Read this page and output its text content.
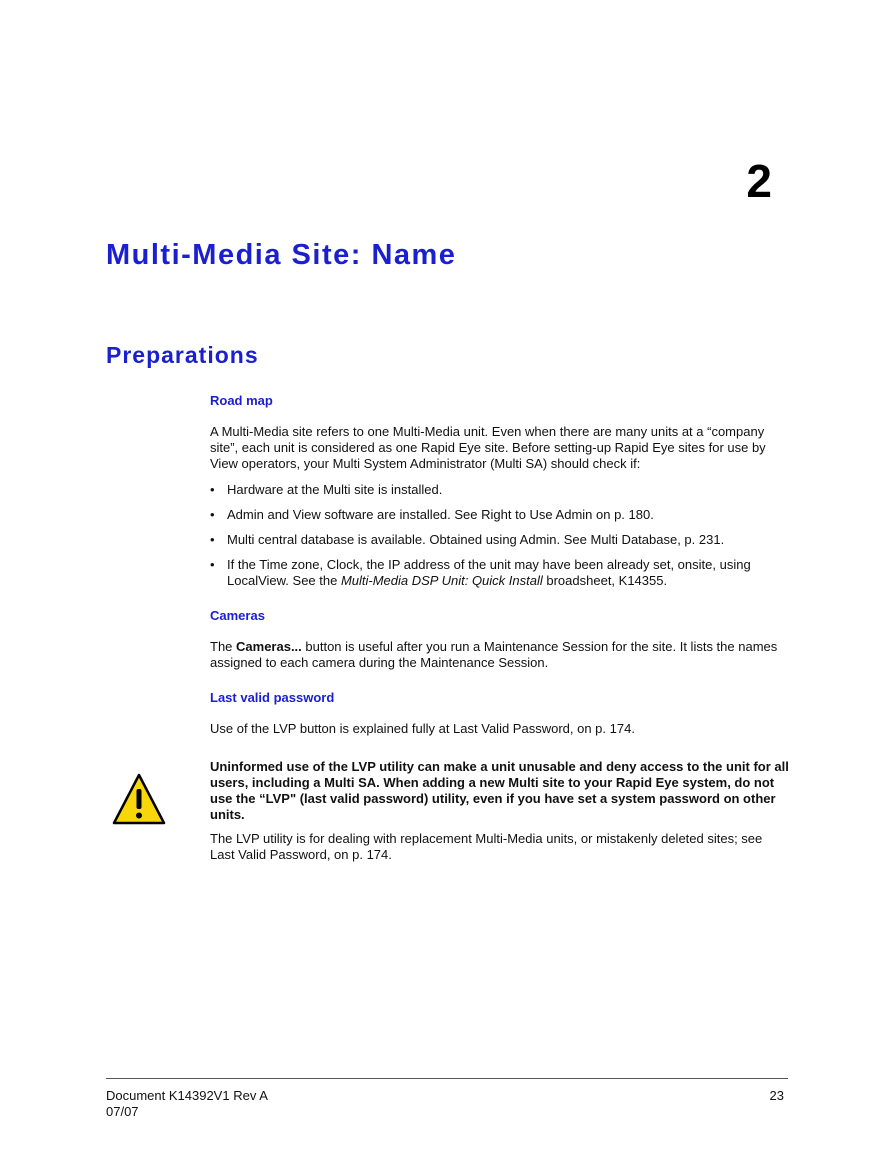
2
Multi-Media Site: Name
Preparations
Road map

A Multi-Media site refers to one Multi-Media unit. Even when there are many units at a “company site”, each unit is considered as one Rapid Eye site. Before setting-up Rapid Eye sites for use by View operators, your Multi System Administrator (Multi SA) should check if:

• Hardware at the Multi site is installed.
• Admin and View software are installed. See Right to Use Admin on p. 180.
• Multi central database is available. Obtained using Admin. See Multi Database, p. 231.
• If the Time zone, Clock, the IP address of the unit may have been already set, onsite, using LocalView. See the Multi-Media DSP Unit: Quick Install broadsheet, K14355.
Cameras

The Cameras... button is useful after you run a Maintenance Session for the site. It lists the names assigned to each camera during the Maintenance Session.

Last valid password

Use of the LVP button is explained fully at Last Valid Password, on p. 174.

Uninformed use of the LVP utility can make a unit unusable and deny access to the unit for all users, including a Multi SA. When adding a new Multi site to your Rapid Eye system, do not use the “LVP" (last valid password) utility, even if you have set a system password on other units.

The LVP utility is for dealing with replacement Multi-Media units, or mistakenly deleted sites; see Last Valid Password, on p. 174.

Document K14392V1 Rev A
07/07
23
